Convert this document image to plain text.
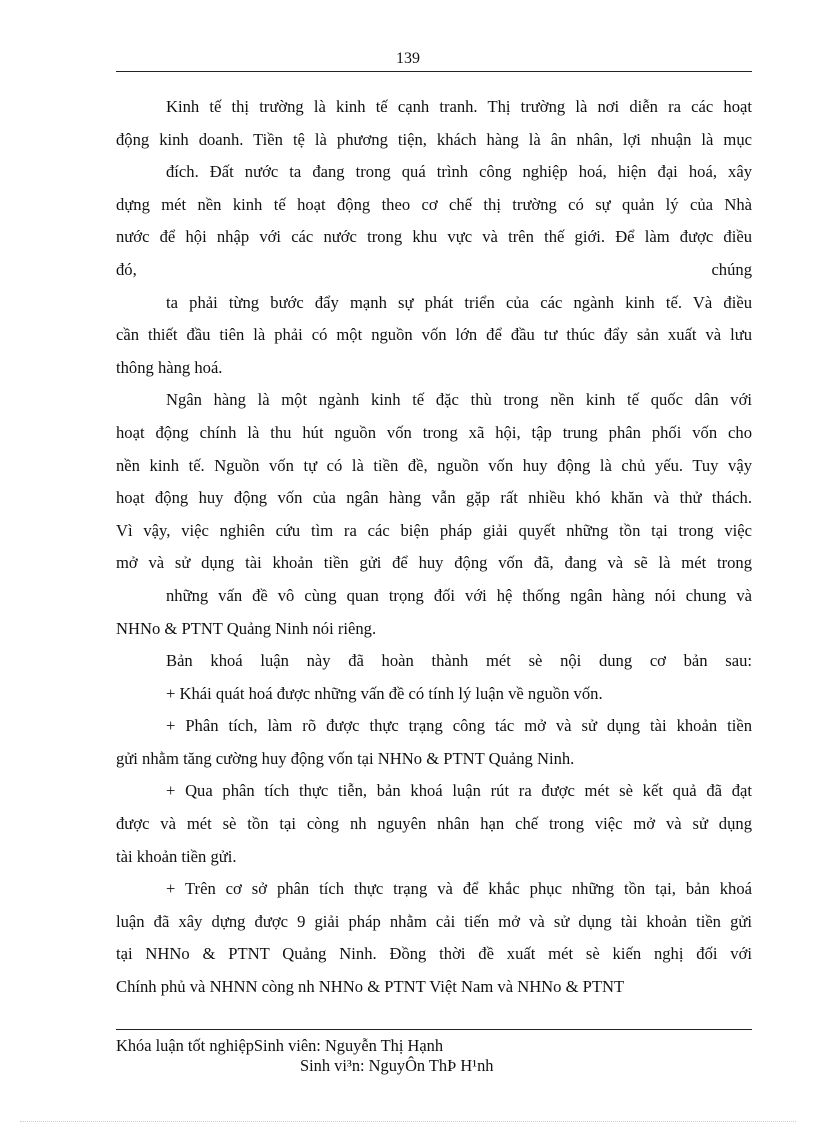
139
Kinh tế thị trường là kinh tế cạnh tranh. Thị trường là nơi diễn ra các hoạt
động kinh doanh. Tiền tệ là phương tiện, khách hàng là ân nhân, lợi nhuận là mục
đích. Đất nước ta đang trong quá trình công nghiệp hoá, hiện đại hoá, xây
dựng mét nền kinh tế hoạt động theo cơ chế thị trường có sự quản lý của Nhà
nước để hội nhập với các nước trong khu vực và trên thế giới. Để làm được điều
đó, chúng
ta phải từng bước đẩy mạnh sự phát triển của các ngành kinh tế. Và điều
cần thiết đầu tiên là phải có một nguồn vốn lớn để đầu tư thúc đẩy sản xuất và lưu
thông hàng hoá.
Ngân hàng là một ngành kinh tế đặc thù trong nền kinh tế quốc dân với
hoạt động chính là thu hút nguồn vốn trong xã hội, tập trung phân phối vốn cho
nền kinh tế. Nguồn vốn tự có là tiền đề, nguồn vốn huy động là chủ yếu. Tuy vậy
hoạt động huy động vốn của ngân hàng vẫn gặp rất nhiều khó khăn và thử thách.
Vì vậy, việc nghiên cứu tìm ra các biện pháp giải quyết những tồn tại trong việc
mở và sử dụng tài khoản tiền gửi để huy động vốn đã, đang và sẽ là mét trong
những vấn đề vô cùng quan trọng đối với hệ thống ngân hàng nói chung và
NHNo & PTNT Quảng Ninh nói riêng.
Bản khoá luận này đã hoàn thành mét sè nội dung cơ bản sau:
+ Khái quát hoá được những vấn đề có tính lý luận về nguồn vốn.
+ Phân tích, làm rõ được thực trạng công tác mở và sử dụng tài khoản tiền
gửi nhằm tăng cường huy động vốn tại NHNo & PTNT Quảng Ninh.
+ Qua phân tích thực tiễn, bản khoá luận rút ra được mét sè kết quả đã đạt
được và mét sè tồn tại còng nh nguyên nhân hạn chế trong việc mở và sử dụng
tài khoản tiền gửi.
+ Trên cơ sở phân tích thực trạng và để khắc phục những tồn tại, bản khoá
luận đã xây dựng được 9 giải pháp nhằm cải tiến mở và sử dụng tài khoản tiền gửi
tại NHNo & PTNT Quảng Ninh. Đồng thời đề xuất mét sè kiến nghị đối với
Chính phủ và NHNN còng nh NHNo & PTNT Việt Nam và NHNo & PTNT
Khóa luận tốt nghiệpSinh viên: Nguyễn Thị Hạnh
Sinh vi³n: NguyÔn ThÞ H¹nh
